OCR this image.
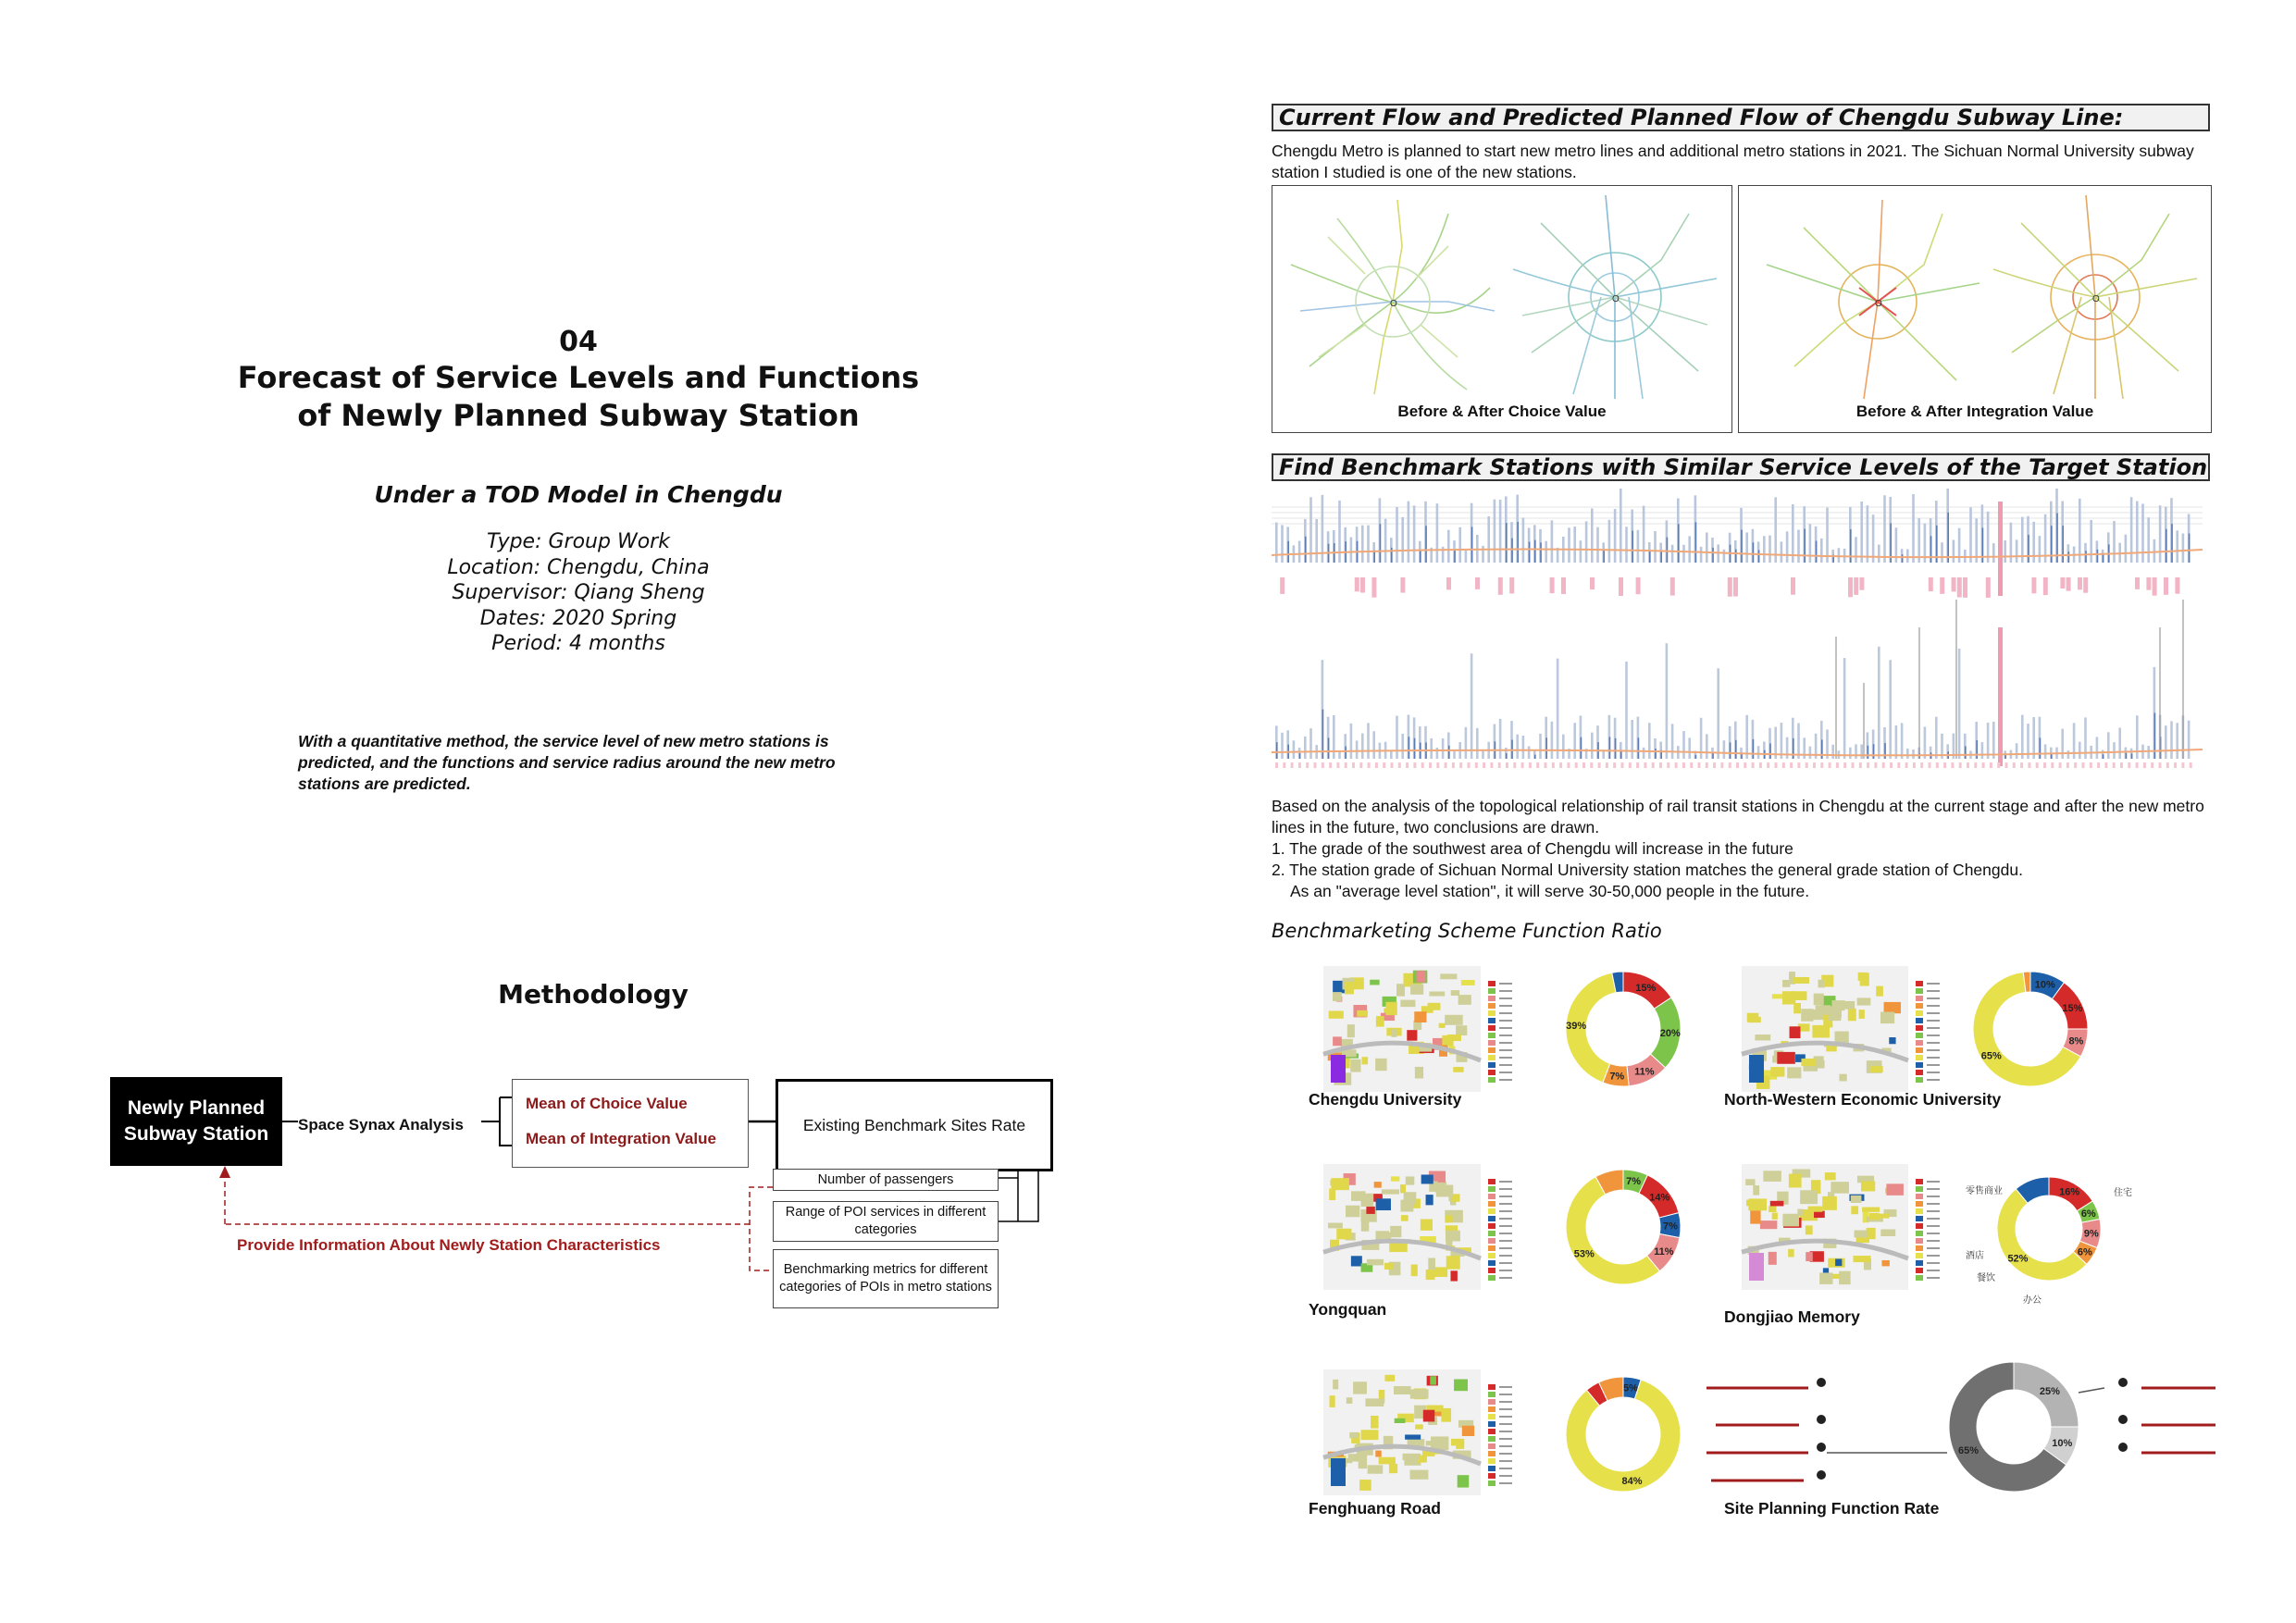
04
Forecast of Service Levels and Functions
of Newly Planned Subway Station
Under a TOD Model in Chengdu
Type: Group Work
Location: Chengdu, China
Supervisor: Qiang Sheng
Dates: 2020 Spring
Period: 4 months
With a quantitative method, the service level of new metro stations is predicted, and the functions and service radius around the new metro stations are predicted.
Methodology
Newly Planned
Subway Station Space Synax Analysis
Mean of Choice Value
Mean of Integration Value
Existing Benchmark Sites Rate
Number of passengers
Range of POI services in different categories
Benchmarking metrics for different categories of POIs in metro stations
Provide Information About Newly Station Characteristics
Current Flow and Predicted Planned Flow of Chengdu Subway Line:
Chengdu Metro is planned to start new metro lines and additional metro stations in 2021. The Sichuan Normal University subway station I studied is one of the new stations.
O	O
Before & After Choice Value
O	O
Before & After Integration Value
Find Benchmark Stations with Similar Service Levels of the Target Station
Based on the analysis of the topological relationship of rail transit stations in Chengdu at the current stage and after the new metro lines in the future, two conclusions are drawn.
1. The grade of the southwest area of Chengdu will increase in the future
2. The station grade of Sichuan Normal University station matches the general grade station of Chengdu.
As an "average level station", it will serve 30-50,000 people in the future.
Benchmarketing Scheme Function Ratio
15%
20%
11%
7%
39%
10%
15%
8%
65%
7%
14%
7%
11%
53%
16%
6%
9%
6%
52%
零售商业
酒店
餐饮
办公
住宅
5%
84%
25%
10%
65%
Chengdu University	North-Western Economic University
Yongquan	Dongjiao Memory
Fenghuang Road	Site Planning Function Rate
